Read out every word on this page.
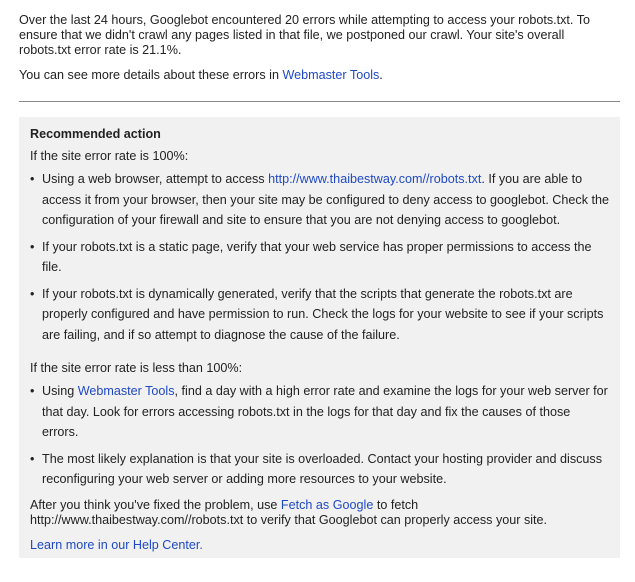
Over the last 24 hours, Googlebot encountered 20 errors while attempting to access your robots.txt. To ensure that we didn't crawl any pages listed in that file, we postponed our crawl. Your site's overall robots.txt error rate is 21.1%.

You can see more details about these errors in Webmaster Tools.

Recommended action
If the site error rate is 100%:
• Using a web browser, attempt to access http://www.thaibestway.com//robots.txt. If you are able to access it from your browser, then your site may be configured to deny access to googlebot. Check the configuration of your firewall and site to ensure that you are not denying access to googlebot.
• If your robots.txt is a static page, verify that your web service has proper permissions to access the file.
• If your robots.txt is dynamically generated, verify that the scripts that generate the robots.txt are properly configured and have permission to run. Check the logs for your website to see if your scripts are failing, and if so attempt to diagnose the cause of the failure.
If the site error rate is less than 100%:
• Using Webmaster Tools, find a day with a high error rate and examine the logs for your web server for that day. Look for errors accessing robots.txt in the logs for that day and fix the causes of those errors.
• The most likely explanation is that your site is overloaded. Contact your hosting provider and discuss reconfiguring your web server or adding more resources to your website.
After you think you've fixed the problem, use Fetch as Google to fetch
http://www.thaibestway.com//robots.txt to verify that Googlebot can properly access your site.
Learn more in our Help Center.
